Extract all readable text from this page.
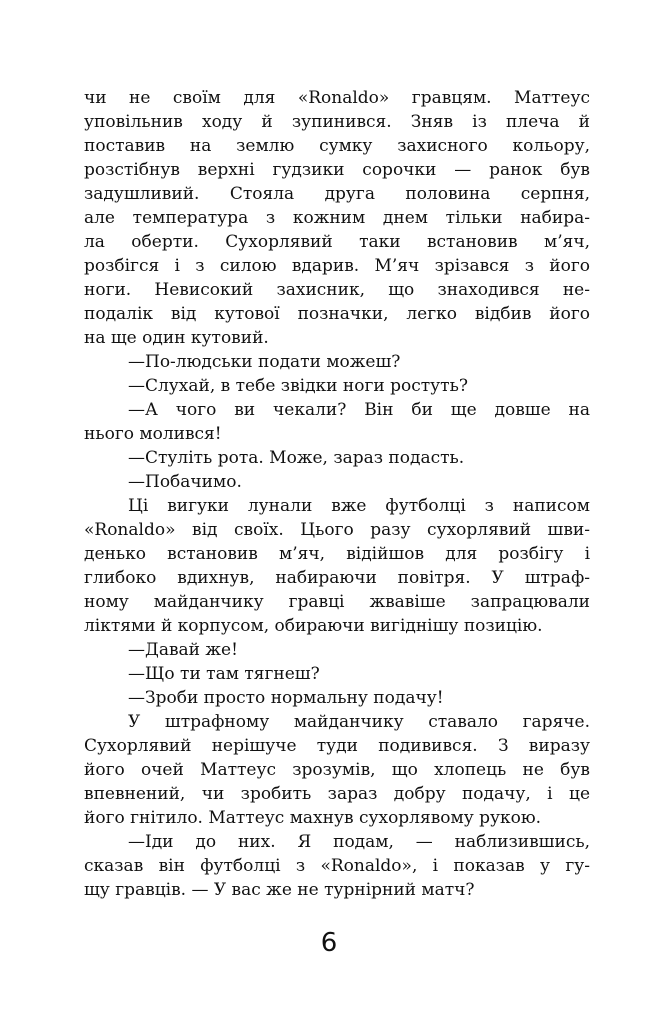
чи не своїм для «Ronaldo» гравцям. Маттеус
уповільнив ходу й зупинився. Зняв із плеча й
поставив на землю сумку захисного кольору,
розстібнув верхні гудзики сорочки — ранок був
задушливий. Стояла друга половина серпня,
але температура з кожним днем тільки набира-
ла оберти. Сухорлявий таки встановив м’яч,
розбігся і з силою вдарив. М’яч зрізався з його
ноги. Невисокий захисник, що знаходився не-
подалік від кутової позначки, легко відбив його
на ще один кутовий.
—По-людськи подати можеш?
—Слухай, в тебе звідки ноги ростуть?
—А чого ви чекали? Він би ще довше на
нього молився!
—Стуліть рота. Може, зараз подасть.
—Побачимо.
Ці вигуки лунали вже футболці з написом
«Ronaldo» від своїх. Цього разу сухорлявий шви-
денько встановив м’яч, відійшов для розбігу і
глибоко вдихнув, набираючи повітря. У штраф-
ному майданчику гравці жвавіше запрацювали
ліктями й корпусом, обираючи вигіднішу позицію.
—Давай же!
—Що ти там тягнеш?
—Зроби просто нормальну подачу!
У штрафному майданчику ставало гаряче.
Сухорлявий нерішуче туди подивився. З виразу
його очей Маттеус зрозумів, що хлопець не був
впевнений, чи зробить зараз добру подачу, і це
його гнітило. Маттеус махнув сухорлявому рукою.
—Іди до них. Я подам, — наблизившись,
сказав він футболці з «Ronaldo», і показав у гу-
щу гравців. — У вас же не турнірний матч?
6
